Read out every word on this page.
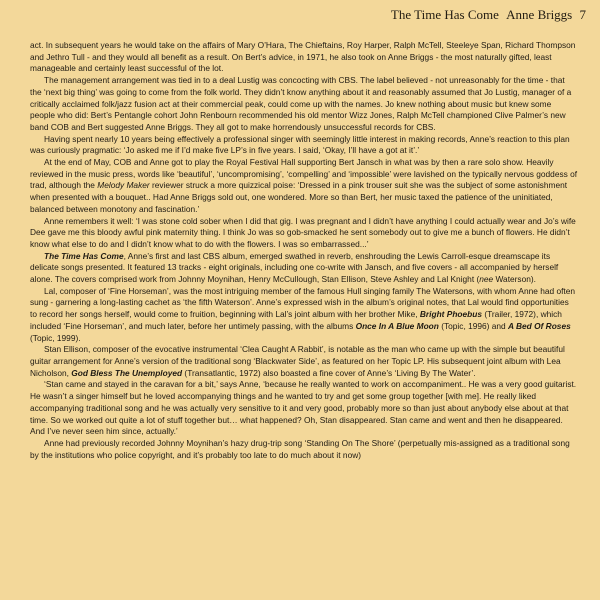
The Time Has Come Anne Briggs 7

act. In subsequent years he would take on the affairs of Mary O’Hara, The Chieftains, Roy Harper, Ralph McTell, Steeleye Span, Richard Thompson and Jethro Tull - and they would all benefit as a result. On Bert’s advice, in 1971, he also took on Anne Briggs - the most naturally gifted, least manageable and certainly least successful of the lot.

The management arrangement was tied in to a deal Lustig was concocting with CBS. The label believed - not unreasonably for the time - that the ‘next big thing’ was going to come from the folk world. They didn’t know anything about it and reasonably assumed that Jo Lustig, manager of a critically acclaimed folk/jazz fusion act at their commercial peak, could come up with the names. Jo knew nothing about music but knew some people who did: Bert’s Pentangle cohort John Renbourn recommended his old mentor Wizz Jones, Ralph McTell championed Clive Palmer’s new band COB and Bert suggested Anne Briggs. They all got to make horrendously unsuccessful records for CBS.

Having spent nearly 10 years being effectively a professional singer with seemingly little interest in making records, Anne’s reaction to this plan was curiously pragmatic: ‘Jo asked me if I’d make five LP’s in five years. I said, ‘Okay, I’ll have a got at it’.’

At the end of May, COB and Anne got to play the Royal Festival Hall supporting Bert Jansch in what was by then a rare solo show. Heavily reviewed in the music press, words like ‘beautiful’, ‘uncompromising’, ‘compelling’ and ‘impossible’ were lavished on the typically nervous goddess of trad, although the Melody Maker reviewer struck a more quizzical poise: ‘Dressed in a pink trouser suit she was the subject of some astonishment when presented with a bouquet.. Had Anne Briggs sold out, one wondered. More so than Bert, her music taxed the patience of the uninitiated, balanced between monotony and fascination.’

Anne remembers it well: ‘I was stone cold sober when I did that gig. I was pregnant and I didn’t have anything I could actually wear and Jo’s wife Dee gave me this bloody awful pink maternity thing. I think Jo was so gob-smacked he sent somebody out to give me a bunch of flowers. He didn’t know what else to do and I didn’t know what to do with the flowers. I was so embarrassed...’

The Time Has Come, Anne’s first and last CBS album, emerged swathed in reverb, enshrouding the Lewis Carroll-esque dreamscape its delicate songs presented. It featured 13 tracks - eight originals, including one co-write with Jansch, and five covers - all accompanied by herself alone. The covers comprised work from Johnny Moynihan, Henry McCullough, Stan Ellison, Steve Ashley and Lal Knight (nee Waterson).

Lal, composer of ‘Fine Horseman’, was the most intriguing member of the famous Hull singing family The Watersons, with whom Anne had often sung - garnering a long-lasting cachet as ‘the fifth Waterson’. Anne’s expressed wish in the album’s original notes, that Lal would find opportunities to record her songs herself, would come to fruition, beginning with Lal’s joint album with her brother Mike, Bright Phoebus (Trailer, 1972), which included ‘Fine Horseman’, and much later, before her untimely passing, with the albums Once In A Blue Moon (Topic, 1996) and A Bed Of Roses (Topic, 1999).

Stan Ellison, composer of the evocative instrumental ‘Clea Caught A Rabbit’, is notable as the man who came up with the simple but beautiful guitar arrangement for Anne’s version of the traditional song ‘Blackwater Side’, as featured on her Topic LP. His subsequent joint album with Lea Nicholson, God Bless The Unemployed (Transatlantic, 1972) also boasted a fine cover of Anne’s ‘Living By The Water’.

‘Stan came and stayed in the caravan for a bit,’ says Anne, ‘because he really wanted to work on accompaniment.. He was a very good guitarist. He wasn’t a singer himself but he loved accompanying things and he wanted to try and get some group together [with me]. He really liked accompanying traditional song and he was actually very sensitive to it and very good, probably more so than just about anybody else about at that time. So we worked out quite a lot of stuff together but… what happened? Oh, Stan disappeared. Stan came and went and then he disappeared. And I’ve never seen him since, actually.’

Anne had previously recorded Johnny Moynihan’s hazy drug-trip song ‘Standing On The Shore’ (perpetually mis-assigned as a traditional song by the institutions who police copyright, and it’s probably too late to do much about it now)
